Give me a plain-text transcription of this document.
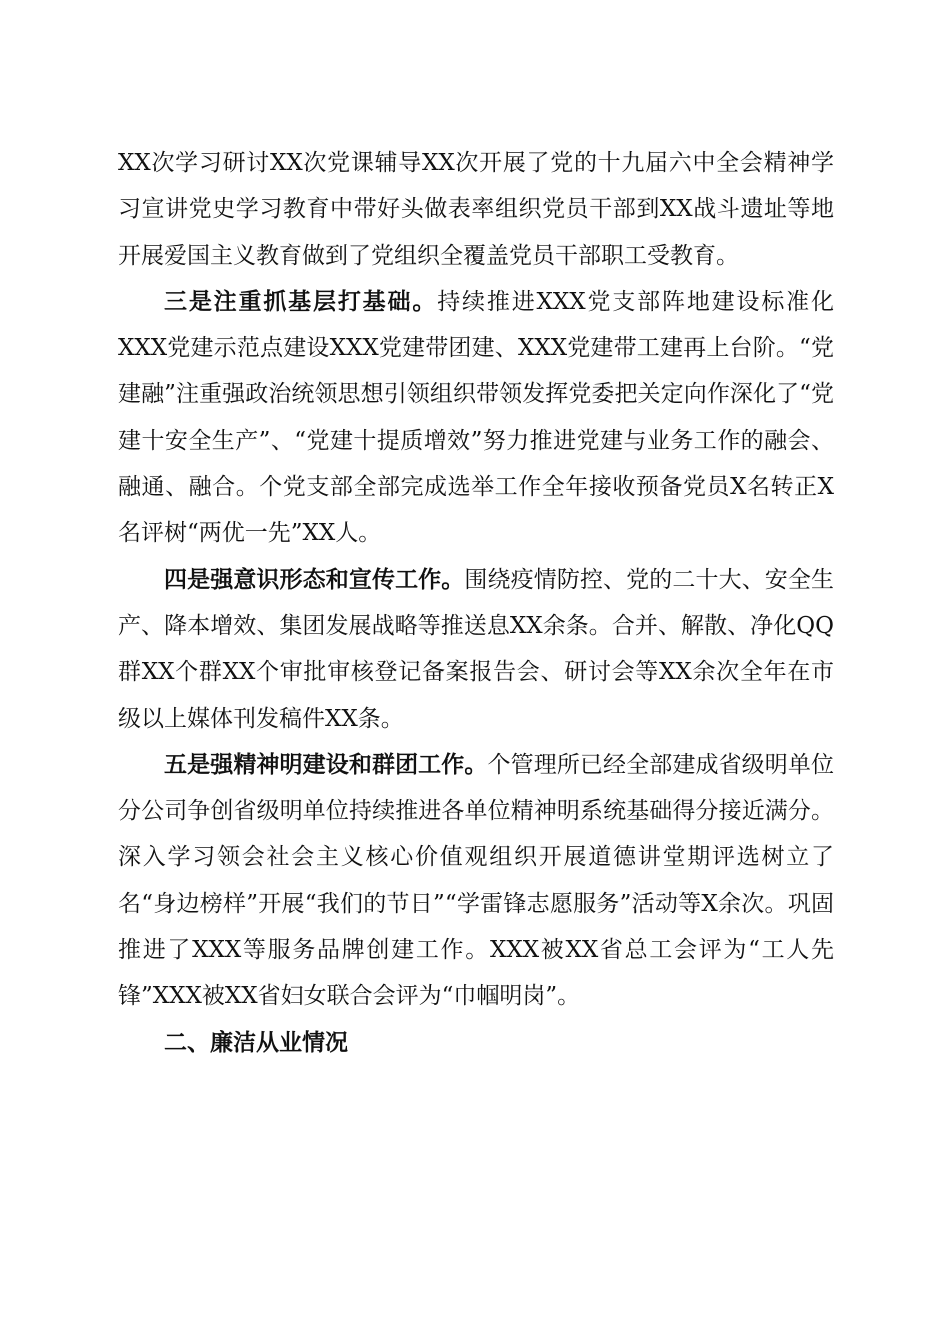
XX次学习研讨XX次党课辅导XX次开展了党的十九届六中全会精神学习宣讲党史学习教育中带好头做表率组织党员干部到XX战斗遗址等地开展爱国主义教育做到了党组织全覆盖党员干部职工受教育。

三是注重抓基层打基础。持续推进XXX党支部阵地建设标准化XXX党建示范点建设XXX党建带团建、XXX党建带工建再上台阶。“党建融”注重强政治统领思想引领组织带领发挥党委把关定向作深化了“党建十安全生产”、“党建十提质增效”努力推进党建与业务工作的融会、融通、融合。个党支部全部完成选举工作全年接收预备党员X名转正X名评树“两优一先”XX人。

四是强意识形态和宣传工作。围绕疫情防控、党的二十大、安全生产、降本增效、集团发展战略等推送息XX余条。合并、解散、净化QQ群XX个群XX个审批审核登记备案报告会、研讨会等XX余次全年在市级以上媒体刊发稿件XX条。

五是强精神明建设和群团工作。个管理所已经全部建成省级明单位分公司争创省级明单位持续推进各单位精神明系统基础得分接近满分。深入学习领会社会主义核心价值观组织开展道德讲堂期评选树立了名“身边榜样”开展“我们的节日”“学雷锋志愿服务”活动等X余次。巩固推进了XXX等服务品牌创建工作。XXX被XX省总工会评为“工人先锋”XXX被XX省妇女联合会评为“巾帼明岗”。

二、廉洁从业情况
